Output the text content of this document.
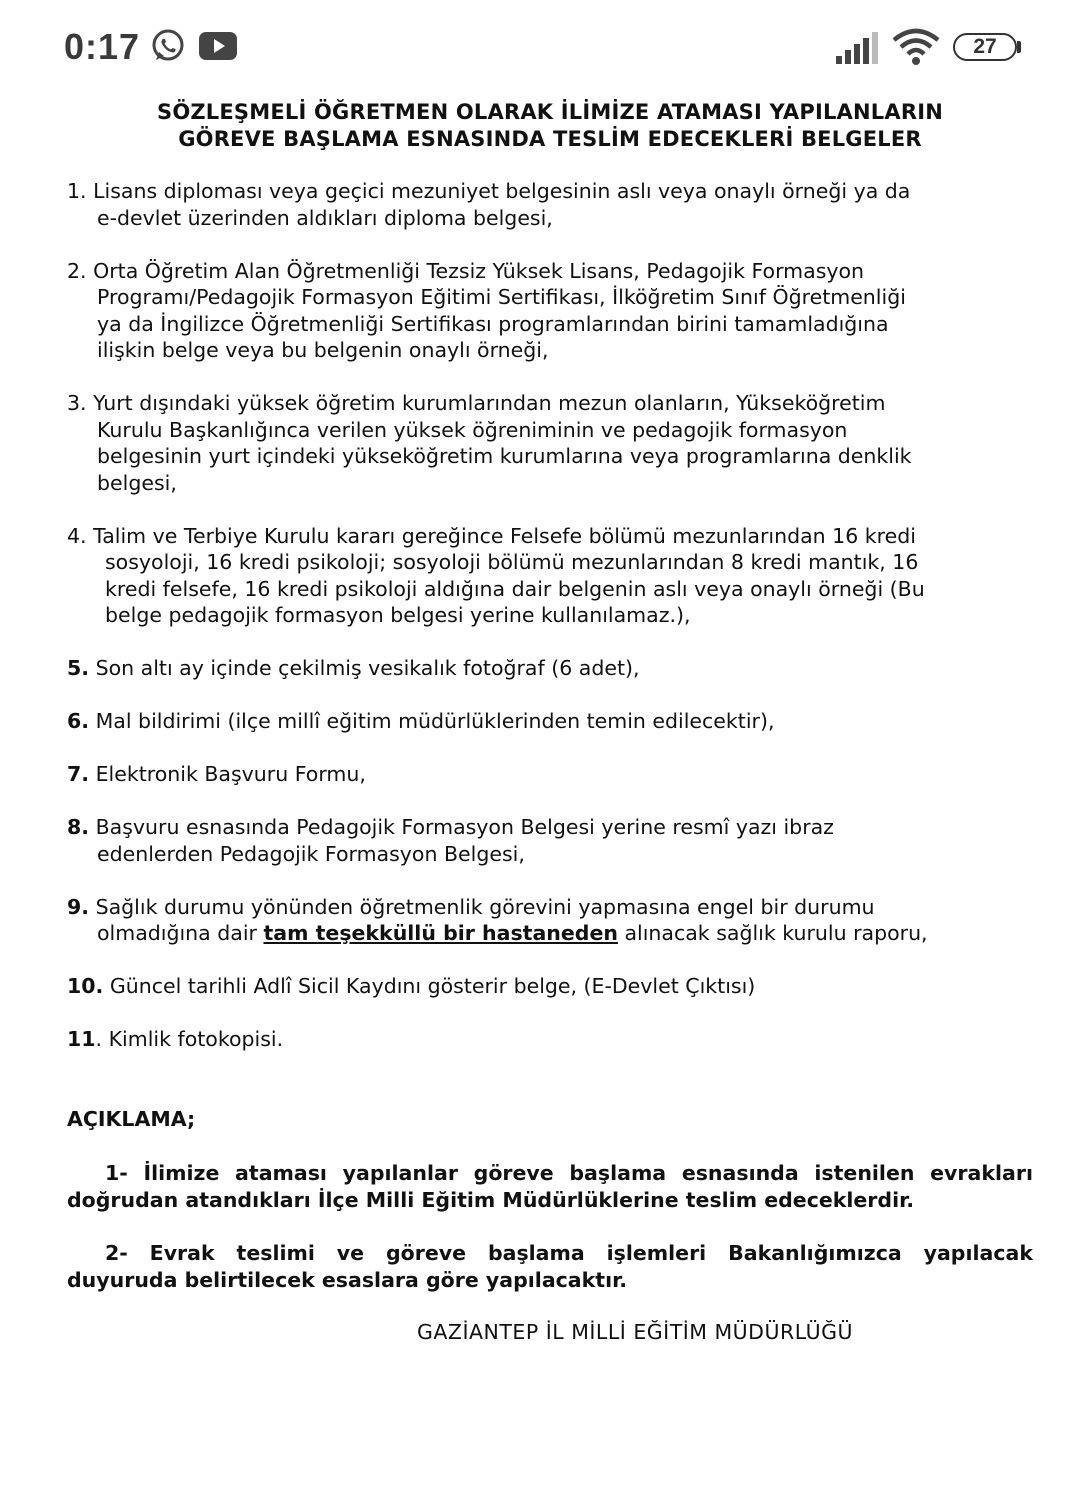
0:17	27
SÖZLEŞMELİ ÖĞRETMEN OLARAK İLİMİZE ATAMASI YAPILANLARIN
GÖREVE BAŞLAMA ESNASINDA TESLİM EDECEKLERİ BELGELER
1. Lisans diploması veya geçici mezuniyet belgesinin aslı veya onaylı örneği ya da
e-devlet üzerinden aldıkları diploma belgesi,
2. Orta Öğretim Alan Öğretmenliği Tezsiz Yüksek Lisans, Pedagojik Formasyon
Programı/Pedagojik Formasyon Eğitimi Sertifikası, İlköğretim Sınıf Öğretmenliği
ya da İngilizce Öğretmenliği Sertifikası programlarından birini tamamladığına
ilişkin belge veya bu belgenin onaylı örneği,
3. Yurt dışındaki yüksek öğretim kurumlarından mezun olanların, Yükseköğretim
Kurulu Başkanlığınca verilen yüksek öğreniminin ve pedagojik formasyon
belgesinin yurt içindeki yükseköğretim kurumlarına veya programlarına denklik
belgesi,
4. Talim ve Terbiye Kurulu kararı gereğince Felsefe bölümü mezunlarından 16 kredi
sosyoloji, 16 kredi psikoloji; sosyoloji bölümü mezunlarından 8 kredi mantık, 16
kredi felsefe, 16 kredi psikoloji aldığına dair belgenin aslı veya onaylı örneği (Bu
belge pedagojik formasyon belgesi yerine kullanılamaz.),
5. Son altı ay içinde çekilmiş vesikalık fotoğraf (6 adet),
6. Mal bildirimi (ilçe millî eğitim müdürlüklerinden temin edilecektir),
7. Elektronik Başvuru Formu,
8. Başvuru esnasında Pedagojik Formasyon Belgesi yerine resmî yazı ibraz
edenlerden Pedagojik Formasyon Belgesi,
9. Sağlık durumu yönünden öğretmenlik görevini yapmasına engel bir durumu
olmadığına dair tam teşekküllü bir hastaneden alınacak sağlık kurulu raporu,
10. Güncel tarihli Adlî Sicil Kaydını gösterir belge, (E-Devlet Çıktısı)
11. Kimlik fotokopisi.
AÇIKLAMA;
1- İlimize ataması yapılanlar göreve başlama esnasında istenilen evrakları
doğrudan atandıkları İlçe Milli Eğitim Müdürlüklerine teslim edeceklerdir.
2- Evrak teslimi ve göreve başlama işlemleri Bakanlığımızca yapılacak
duyuruda belirtilecek esaslara göre yapılacaktır.
GAZİANTEP İL MİLLİ EĞİTİM MÜDÜRLÜĞÜ
